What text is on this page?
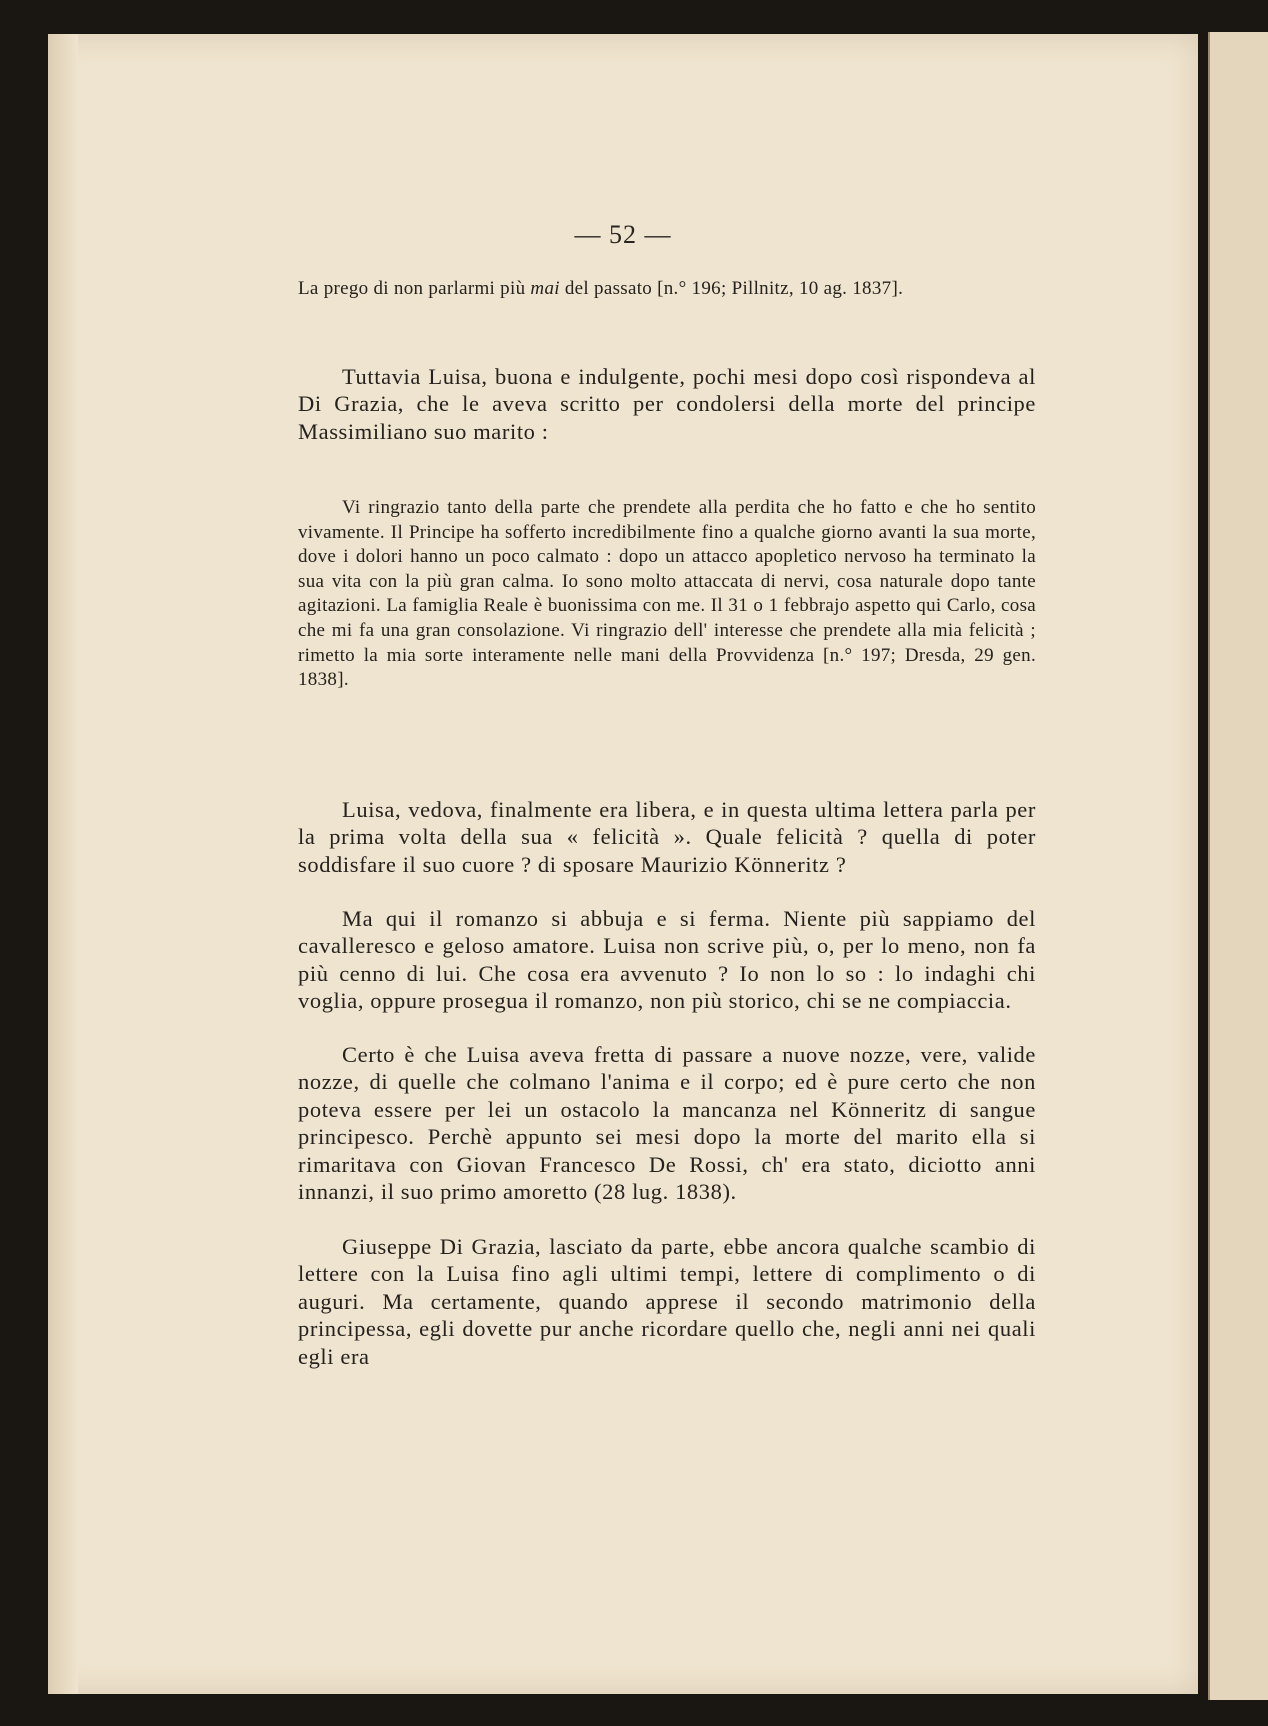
— 52 —

La prego di non parlarmi più mai del passato [n.° 196; Pillnitz, 10 ag. 1837].

Tuttavia Luisa, buona e indulgente, pochi mesi dopo così rispondeva al Di Grazia, che le aveva scritto per condolersi della morte del principe Massimiliano suo marito :

Vi ringrazio tanto della parte che prendete alla perdita che ho fatto e che ho sentito vivamente. Il Principe ha sofferto incredibilmente fino a qualche giorno avanti la sua morte, dove i dolori hanno un poco calmato : dopo un attacco apopletico nervoso ha terminato la sua vita con la più gran calma. Io sono molto attaccata di nervi, cosa naturale dopo tante agitazioni. La famiglia Reale è buonissima con me. Il 31 o 1 febbrajo aspetto qui Carlo, cosa che mi fa una gran consolazione. Vi ringrazio dell' interesse che prendete alla mia felicità ; rimetto la mia sorte interamente nelle mani della Provvidenza [n.° 197; Dresda, 29 gen. 1838].

Luisa, vedova, finalmente era libera, e in questa ultima lettera parla per la prima volta della sua « felicità ». Quale felicità ? quella di poter soddisfare il suo cuore ? di sposare Maurizio Könneritz ?

Ma qui il romanzo si abbuja e si ferma. Niente più sappiamo del cavalleresco e geloso amatore. Luisa non scrive più, o, per lo meno, non fa più cenno di lui. Che cosa era avvenuto ? Io non lo so : lo indaghi chi voglia, oppure prosegua il romanzo, non più storico, chi se ne compiaccia.

Certo è che Luisa aveva fretta di passare a nuove nozze, vere, valide nozze, di quelle che colmano l'anima e il corpo; ed è pure certo che non poteva essere per lei un ostacolo la mancanza nel Könneritz di sangue principesco. Perchè appunto sei mesi dopo la morte del marito ella si rimaritava con Giovan Francesco De Rossi, ch' era stato, diciotto anni innanzi, il suo primo amoretto (28 lug. 1838).

Giuseppe Di Grazia, lasciato da parte, ebbe ancora qualche scambio di lettere con la Luisa fino agli ultimi tempi, lettere di complimento o di auguri. Ma certamente, quando apprese il secondo matrimonio della principessa, egli dovette pur anche ricordare quello che, negli anni nei quali egli era
